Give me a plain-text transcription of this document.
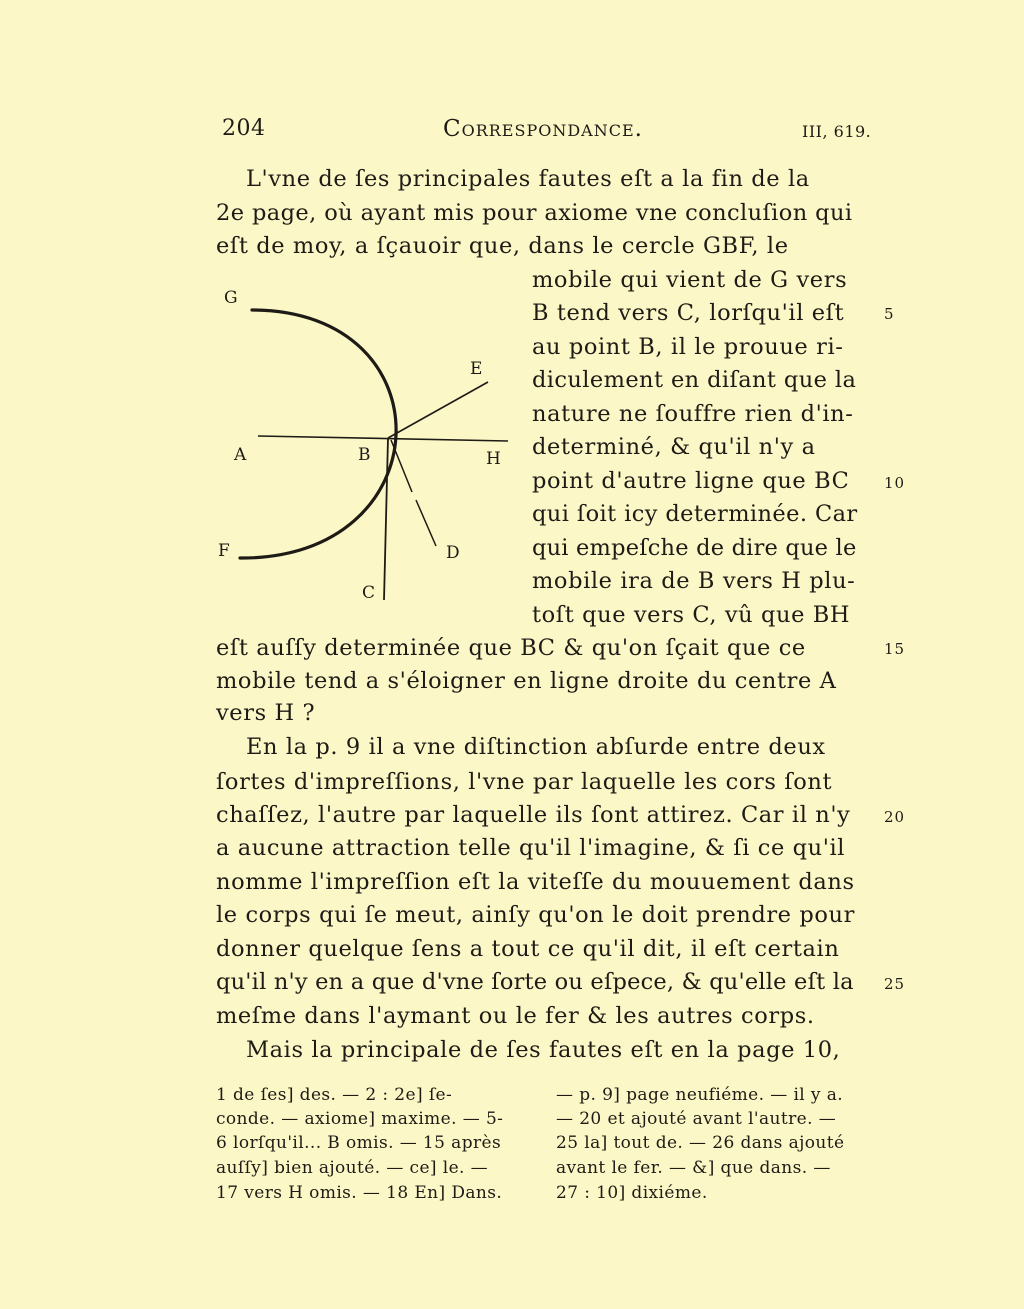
204	Correspondance.	III, 619.
L'vne de ſes principales fautes eſt a la fin de la
2e page, où ayant mis pour axiome vne concluſion qui
eſt de moy, a ſçauoir que, dans le cercle GBF, le
mobile qui vient de G vers
B tend vers C, lorſqu'il eſt
au point B, il le prouue ri-
diculement en diſant que la
nature ne ſouffre rien d'in-
determiné, & qu'il n'y a
point d'autre ligne que BC
qui ſoit icy determinée. Car
qui empeſche de dire que le
mobile ira de B vers H plu-
toſt que vers C, vû que BH
eſt auſſy determinée que BC & qu'on ſçait que ce
mobile tend a s'éloigner en ligne droite du centre A
vers H ?
En la p. 9 il a vne diſtinction abſurde entre deux
ſortes d'impreſſions, l'vne par laquelle les cors ſont
chaſſez, l'autre par laquelle ils ſont attirez. Car il n'y
a aucune attraction telle qu'il l'imagine, & ſi ce qu'il
nomme l'impreſſion eſt la viteſſe du mouuement dans
le corps qui ſe meut, ainſy qu'on le doit prendre pour
donner quelque ſens a tout ce qu'il dit, il eſt certain
qu'il n'y en a que d'vne ſorte ou eſpece, & qu'elle eſt la
meſme dans l'aymant ou le fer & les autres corps.
Mais la principale de ſes fautes eſt en la page 10,
5
10
15
20
25
G
E
A	B	H
F	D
C
1 de ſes] des. — 2 : 2e] ſe-
conde. — axiome] maxime. — 5-
6 lorſqu'il... B omis. — 15 après
auſſy] bien ajouté. — ce] le. —
17 vers H omis. — 18 En] Dans.
— p. 9] page neufiéme. — il y a.
— 20 et ajouté avant l'autre. —
25 la] tout de. — 26 dans ajouté
avant le fer. — &] que dans. —
27 : 10] dixiéme.
